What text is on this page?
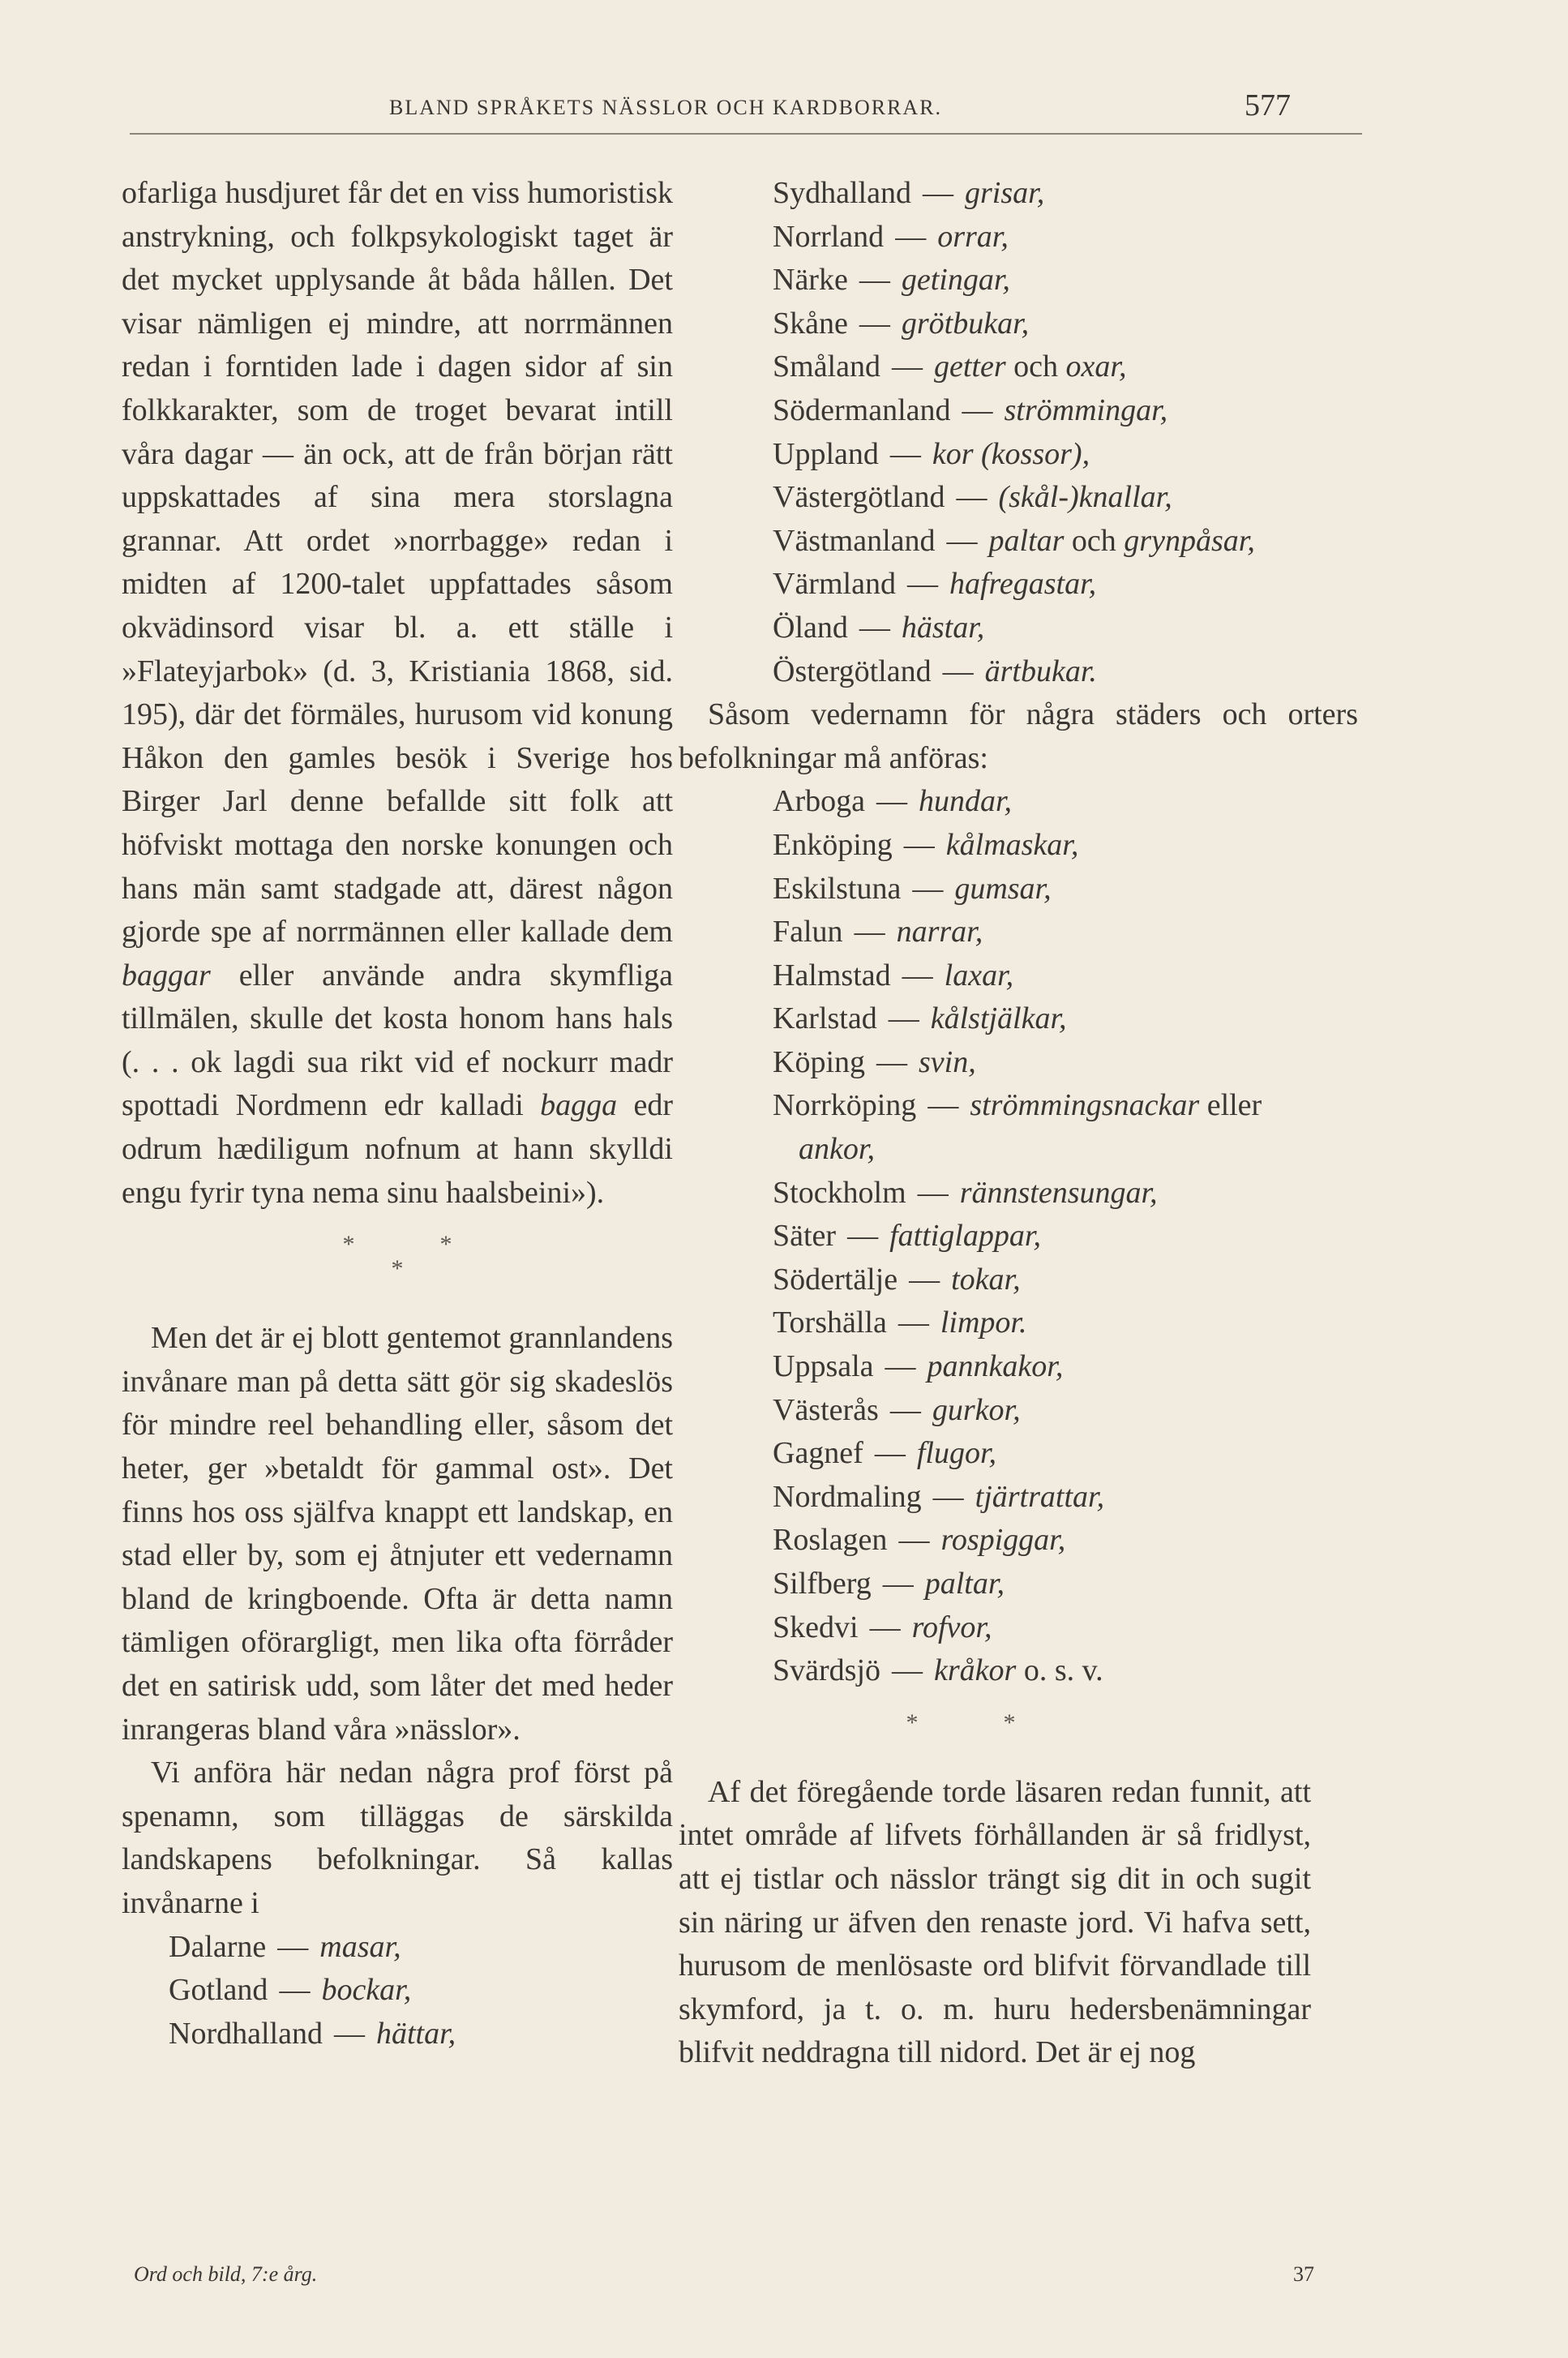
BLAND SPRÅKETS NÄSSLOR OCH KARDBORRAR.	577
ofarliga husdjuret får det en viss humoristisk anstrykning, och folkpsykologiskt taget är det mycket upplysande åt båda hållen. Det visar nämligen ej mindre, att norrmännen redan i forntiden lade i dagen sidor af sin folkkarakter, som de troget bevarat intill våra dagar — än ock, att de från början rätt uppskattades af sina mera storslagna grannar. Att ordet »norrbagge» redan i midten af 1200-talet uppfattades såsom okvädinsord visar bl. a. ett ställe i »Flateyjarbok» (d. 3, Kristiania 1868, sid. 195), där det förmäles, hurusom vid konung Håkon den gamles besök i Sverige hos Birger Jarl denne befallde sitt folk att höfviskt mottaga den norske konungen och hans män samt stadgade att, därest någon gjorde spe af norrmännen eller kallade dem baggar eller använde andra skymfliga tillmälen, skulle det kosta honom hans hals (. . . ok lagdi sua rikt vid ef nockurr madr spottadi Nordmenn edr kalladi bagga edr odrum hædiligum nofnum at hann skylldi engu fyrir tyna nema sinu haalsbeini»).
*	*
*
Men det är ej blott gentemot grannlandens invånare man på detta sätt gör sig skadeslös för mindre reel behandling eller, såsom det heter, ger »betaldt för gammal ost». Det finns hos oss själfva knappt ett landskap, en stad eller by, som ej åtnjuter ett vedernamn bland de kringboende. Ofta är detta namn tämligen oförargligt, men lika ofta förråder det en satirisk udd, som låter det med heder inrangeras bland våra »nässlor».
Vi anföra här nedan några prof först på spenamn, som tilläggas de särskilda landskapens befolkningar. Så kallas invånarne i
Dalarne — masar,
Gotland — bockar,
Nordhalland — hättar,
Sydhalland — grisar,
Norrland — orrar,
Närke — getingar,
Skåne — grötbukar,
Småland — getter och oxar,
Södermanland — strömmingar,
Uppland — kor (kossor),
Västergötland — (skål-)knallar,
Västmanland — paltar och grynpåsar,
Värmland — hafregastar,
Öland — hästar,
Östergötland — ärtbukar.
Såsom vedernamn för några städers och orters befolkningar må anföras:
Arboga — hundar,
Enköping — kålmaskar,
Eskilstuna — gumsar,
Falun — narrar,
Halmstad — laxar,
Karlstad — kålstjälkar,
Köping — svin,
Norrköping — strömmingsnackar eller
ankor,
Stockholm — rännstensungar,
Säter — fattiglappar,
Södertälje — tokar,
Torshälla — limpor.
Uppsala — pannkakor,
Västerås — gurkor,
Gagnef — flugor,
Nordmaling — tjärtrattar,
Roslagen — rospiggar,
Silfberg — paltar,
Skedvi — rofvor,
Svärdsjö — kråkor o. s. v.
*	*
Af det föregående torde läsaren redan funnit, att intet område af lifvets förhållanden är så fridlyst, att ej tistlar och nässlor trängt sig dit in och sugit sin näring ur äfven den renaste jord. Vi hafva sett, hurusom de menlösaste ord blifvit förvandlade till skymford, ja t. o. m. huru hedersbenämningar blifvit neddragna till nidord. Det är ej nog
Ord och bild, 7:e årg.	37
